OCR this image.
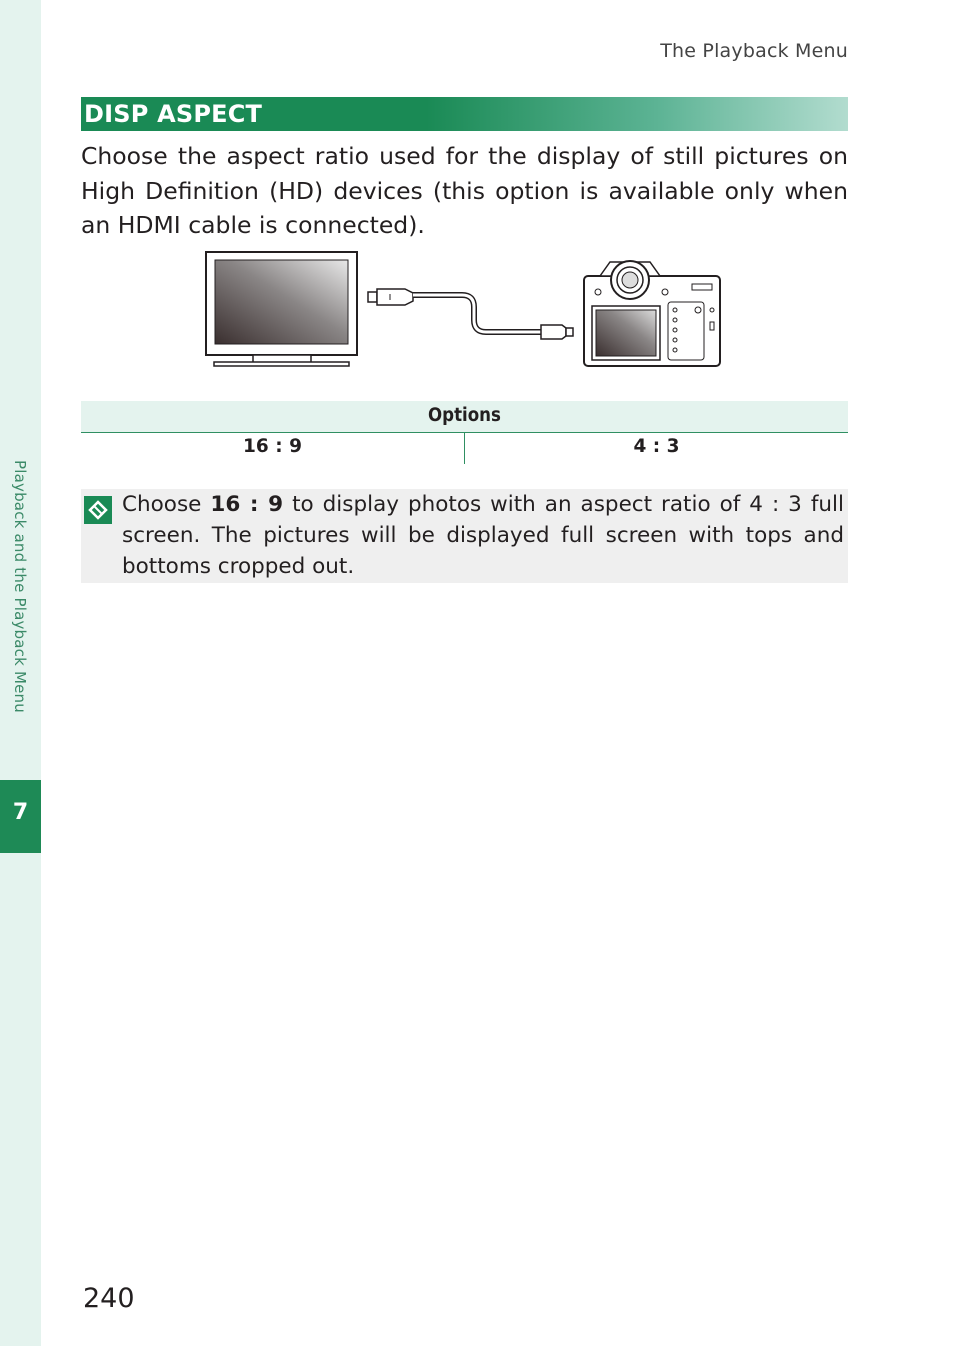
Playback and the Playback Menu
7
The Playback Menu
DISP ASPECT
Choose the aspect ratio used for the display of still pictures on High Definition (HD) devices (this option is available only when an HDMI cable is connected).
Options
16 : 9	4 : 3
Choose 16 : 9 to display photos with an aspect ratio of 4 : 3 full screen. The pictures will be displayed full screen with tops and bottoms cropped out.
240
